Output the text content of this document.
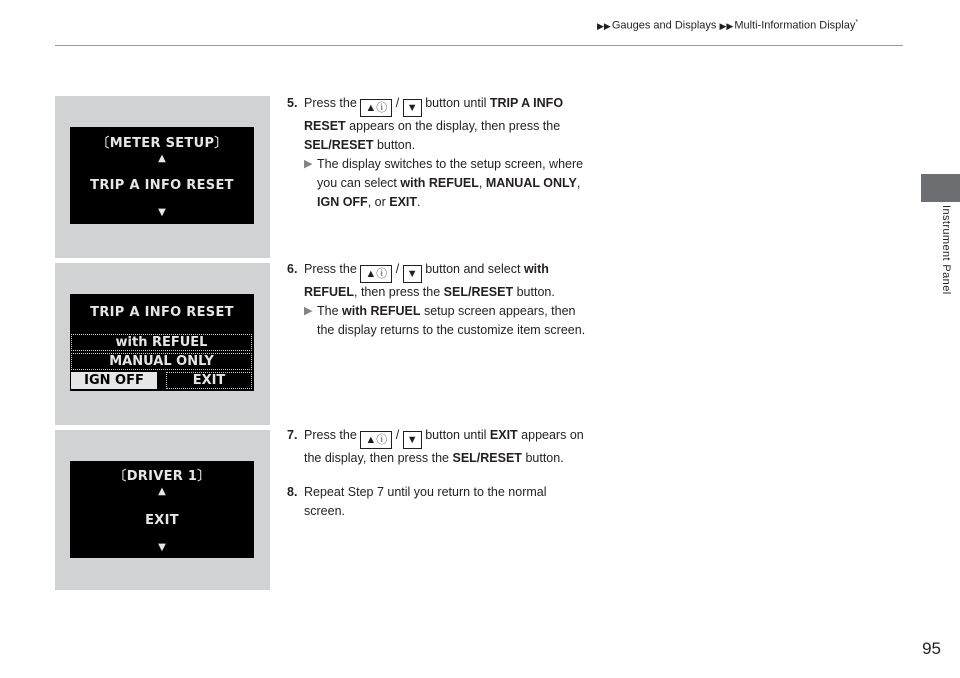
▶▶Gauges and Displays ▶▶Multi-Information Display*
Instrument Panel
〔METER SETUP〕
▲
TRIP A INFO RESET
▼
TRIP A INFO RESET
with REFUEL
MANUAL ONLY
IGN OFF	EXIT
〔DRIVER 1〕
▲
EXIT
▼
5. Press the ▲ⓘ / ▼ button until TRIP A INFO RESET appears on the display, then press the SEL/RESET button.
▶ The display switches to the setup screen, where you can select with REFUEL, MANUAL ONLY, IGN OFF, or EXIT.
6. Press the ▲ⓘ / ▼ button and select with REFUEL, then press the SEL/RESET button.
▶ The with REFUEL setup screen appears, then the display returns to the customize item screen.
7. Press the ▲ⓘ / ▼ button until EXIT appears on the display, then press the SEL/RESET button.
8. Repeat Step 7 until you return to the normal screen.
95
